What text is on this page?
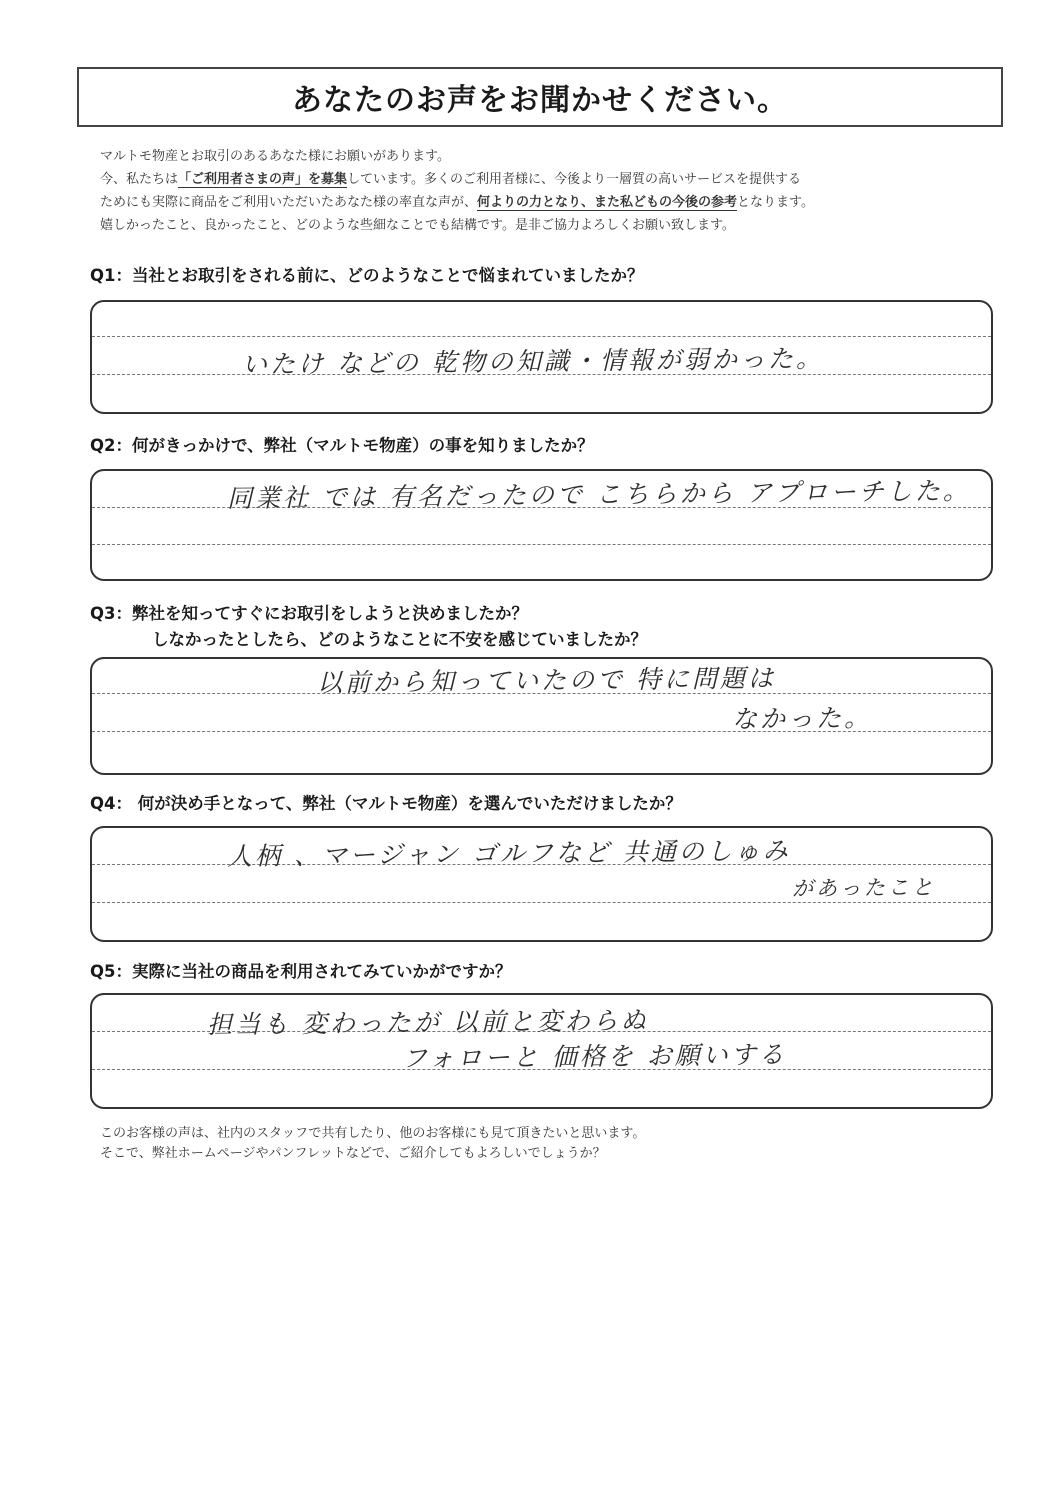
あなたのお声をお聞かせください。

マルトモ物産とお取引のあるあなた様にお願いがあります。

今、私たちは「ご利用者さまの声」を募集しています。多くのご利用者様に、今後より一層質の高いサービスを提供する

ためにも実際に商品をご利用いただいたあなた様の率直な声が、何よりの力となり、また私どもの今後の参考となります。

嬉しかったこと、良かったこと、どのような些細なことでも結構です。是非ご協力よろしくお願い致します。

Q1：当社とお取引をされる前に、どのようなことで悩まれていましたか？
いたけ などの 乾物の知識・情報が弱かった。
Q2：何がきっかけで、弊社（マルトモ物産）の事を知りましたか？
同業社 では 有名だったので こちらから アプローチした。
Q3：弊社を知ってすぐにお取引をしようと決めましたか？
しなかったとしたら、どのようなことに不安を感じていましたか？
以前から知っていたので 特に問題は
なかった。
Q4： 何が決め手となって、弊社（マルトモ物産）を選んでいただけましたか？
人柄 、マージャン ゴルフなど 共通のしゅみ
があったこと
Q5：実際に当社の商品を利用されてみていかがですか？
担当も 変わったが 以前と変わらぬ
フォローと 価格を お願いする

このお客様の声は、社内のスタッフで共有したり、他のお客様にも見て頂きたいと思います。

そこで、弊社ホームページやパンフレットなどで、ご紹介してもよろしいでしょうか？
